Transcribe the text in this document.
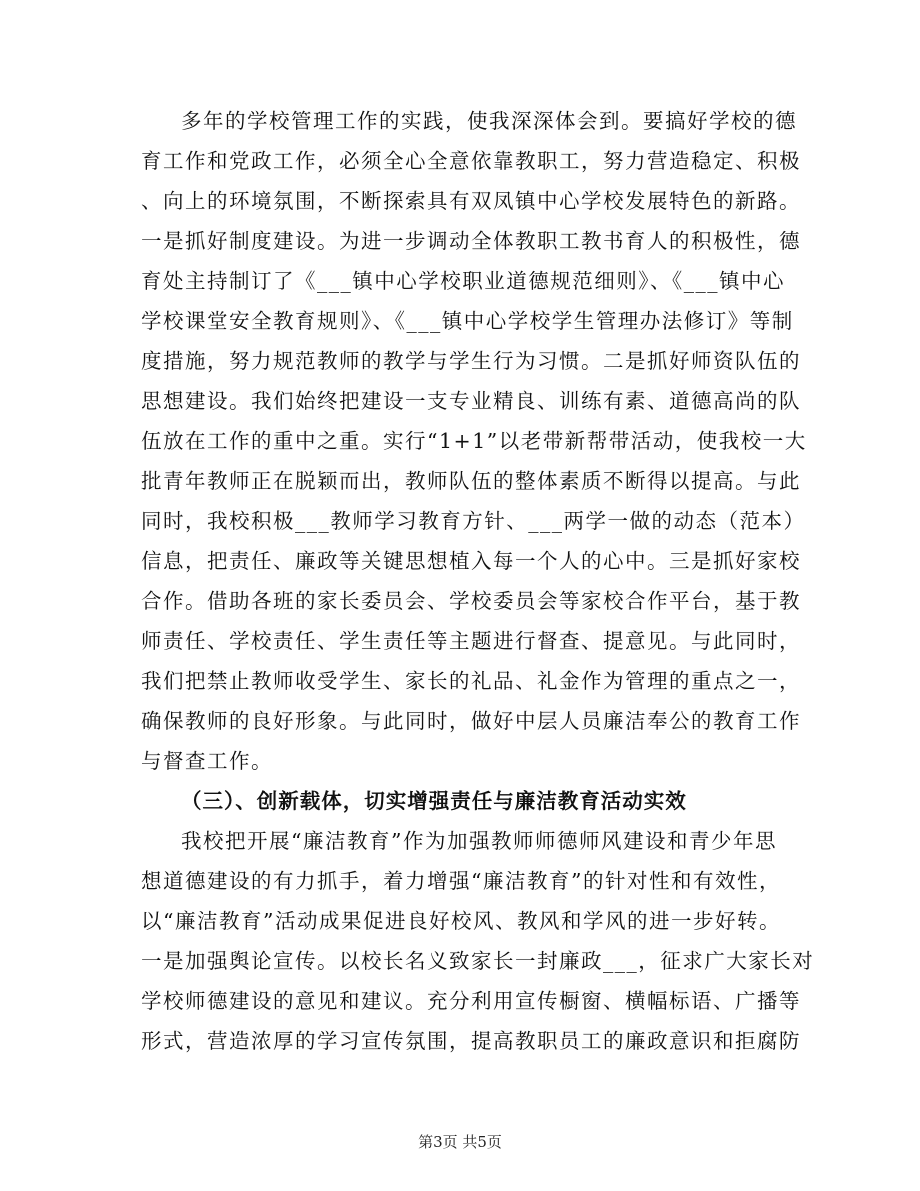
多年的学校管理工作的实践，使我深深体会到。要搞好学校的德
育工作和党政工作，必须全心全意依靠教职工，努力营造稳定、积极
、向上的环境氛围，不断探索具有双凤镇中心学校发展特色的新路。
一是抓好制度建设。为进一步调动全体教职工教书育人的积极性，德
育处主持制订了《___镇中心学校职业道德规范细则》、《___镇中心
学校课堂安全教育规则》、《___镇中心学校学生管理办法修订》等制
度措施，努力规范教师的教学与学生行为习惯。二是抓好师资队伍的
思想建设。我们始终把建设一支专业精良、训练有素、道德高尚的队
伍放在工作的重中之重。实行“1+1”以老带新帮带活动，使我校一大
批青年教师正在脱颖而出，教师队伍的整体素质不断得以提高。与此
同时，我校积极___教师学习教育方针、___两学一做的动态（范本）
信息，把责任、廉政等关键思想植入每一个人的心中。三是抓好家校
合作。借助各班的家长委员会、学校委员会等家校合作平台，基于教
师责任、学校责任、学生责任等主题进行督查、提意见。与此同时，
我们把禁止教师收受学生、家长的礼品、礼金作为管理的重点之一，
确保教师的良好形象。与此同时，做好中层人员廉洁奉公的教育工作
与督查工作。
（三）、创新载体，切实增强责任与廉洁教育活动实效
我校把开展“廉洁教育”作为加强教师师德师风建设和青少年思
想道德建设的有力抓手，着力增强“廉洁教育”的针对性和有效性，
以“廉洁教育”活动成果促进良好校风、教风和学风的进一步好转。
一是加强舆论宣传。以校长名义致家长一封廉政___，征求广大家长对
学校师德建设的意见和建议。充分利用宣传橱窗、横幅标语、广播等
形式，营造浓厚的学习宣传氛围，提高教职员工的廉政意识和拒腐防
第3页 共5页
